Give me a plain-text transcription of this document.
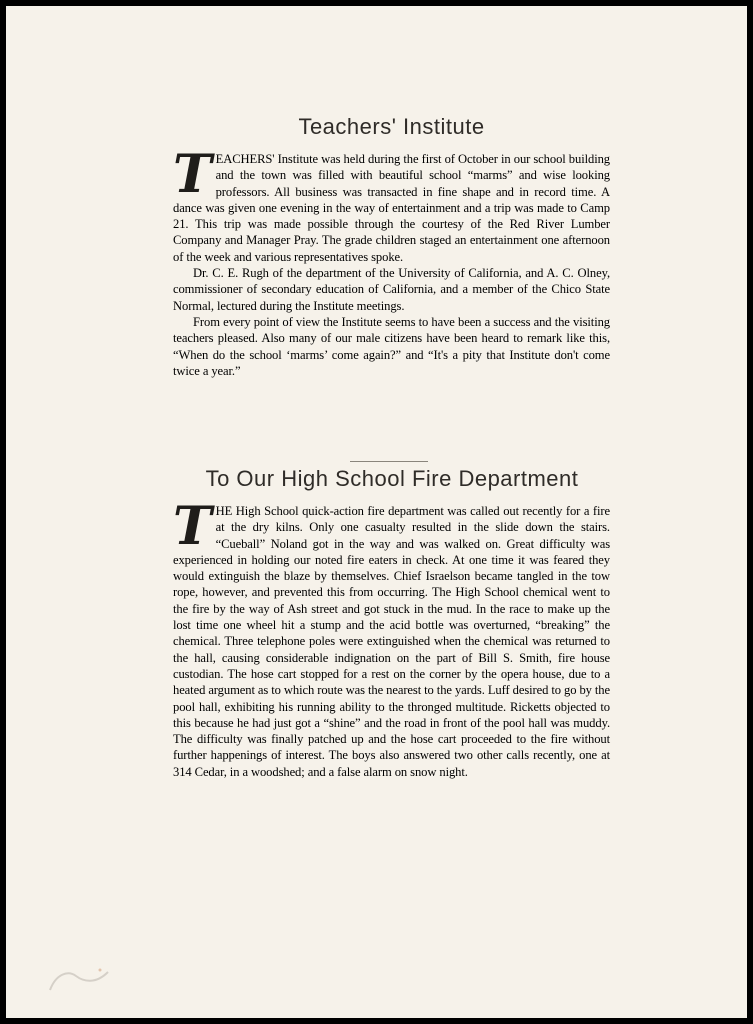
Teachers' Institute

TEACHERS' Institute was held during the first of October in our school building and the town was filled with beautiful school “marms” and wise looking professors. All business was transacted in fine shape and in record time. A dance was given one evening in the way of entertainment and a trip was made to Camp 21. This trip was made possible through the courtesy of the Red River Lumber Company and Manager Pray. The grade children staged an entertainment one afternoon of the week and various representatives spoke.

Dr. C. E. Rugh of the department of the University of California, and A. C. Olney, commissioner of secondary education of California, and a member of the Chico State Normal, lectured during the Institute meetings.

From every point of view the Institute seems to have been a success and the visiting teachers pleased. Also many of our male citizens have been heard to remark like this, “When do the school ‘marms’ come again?” and “It's a pity that Institute don't come twice a year.”

To Our High School Fire Department

THE High School quick-action fire department was called out recently for a fire at the dry kilns. Only one casualty resulted in the slide down the stairs. “Cueball” Noland got in the way and was walked on. Great difficulty was experienced in holding our noted fire eaters in check. At one time it was feared they would extinguish the blaze by themselves. Chief Israelson became tangled in the tow rope, however, and prevented this from occurring. The High School chemical went to the fire by the way of Ash street and got stuck in the mud. In the race to make up the lost time one wheel hit a stump and the acid bottle was overturned, “breaking” the chemical. Three telephone poles were extinguished when the chemical was returned to the hall, causing considerable indignation on the part of Bill S. Smith, fire house custodian. The hose cart stopped for a rest on the corner by the opera house, due to a heated argument as to which route was the nearest to the yards. Luff desired to go by the pool hall, exhibiting his running ability to the thronged multitude. Ricketts objected to this because he had just got a “shine” and the road in front of the pool hall was muddy. The difficulty was finally patched up and the hose cart proceeded to the fire without further happenings of interest. The boys also answered two other calls recently, one at 314 Cedar, in a woodshed; and a false alarm on snow night.
